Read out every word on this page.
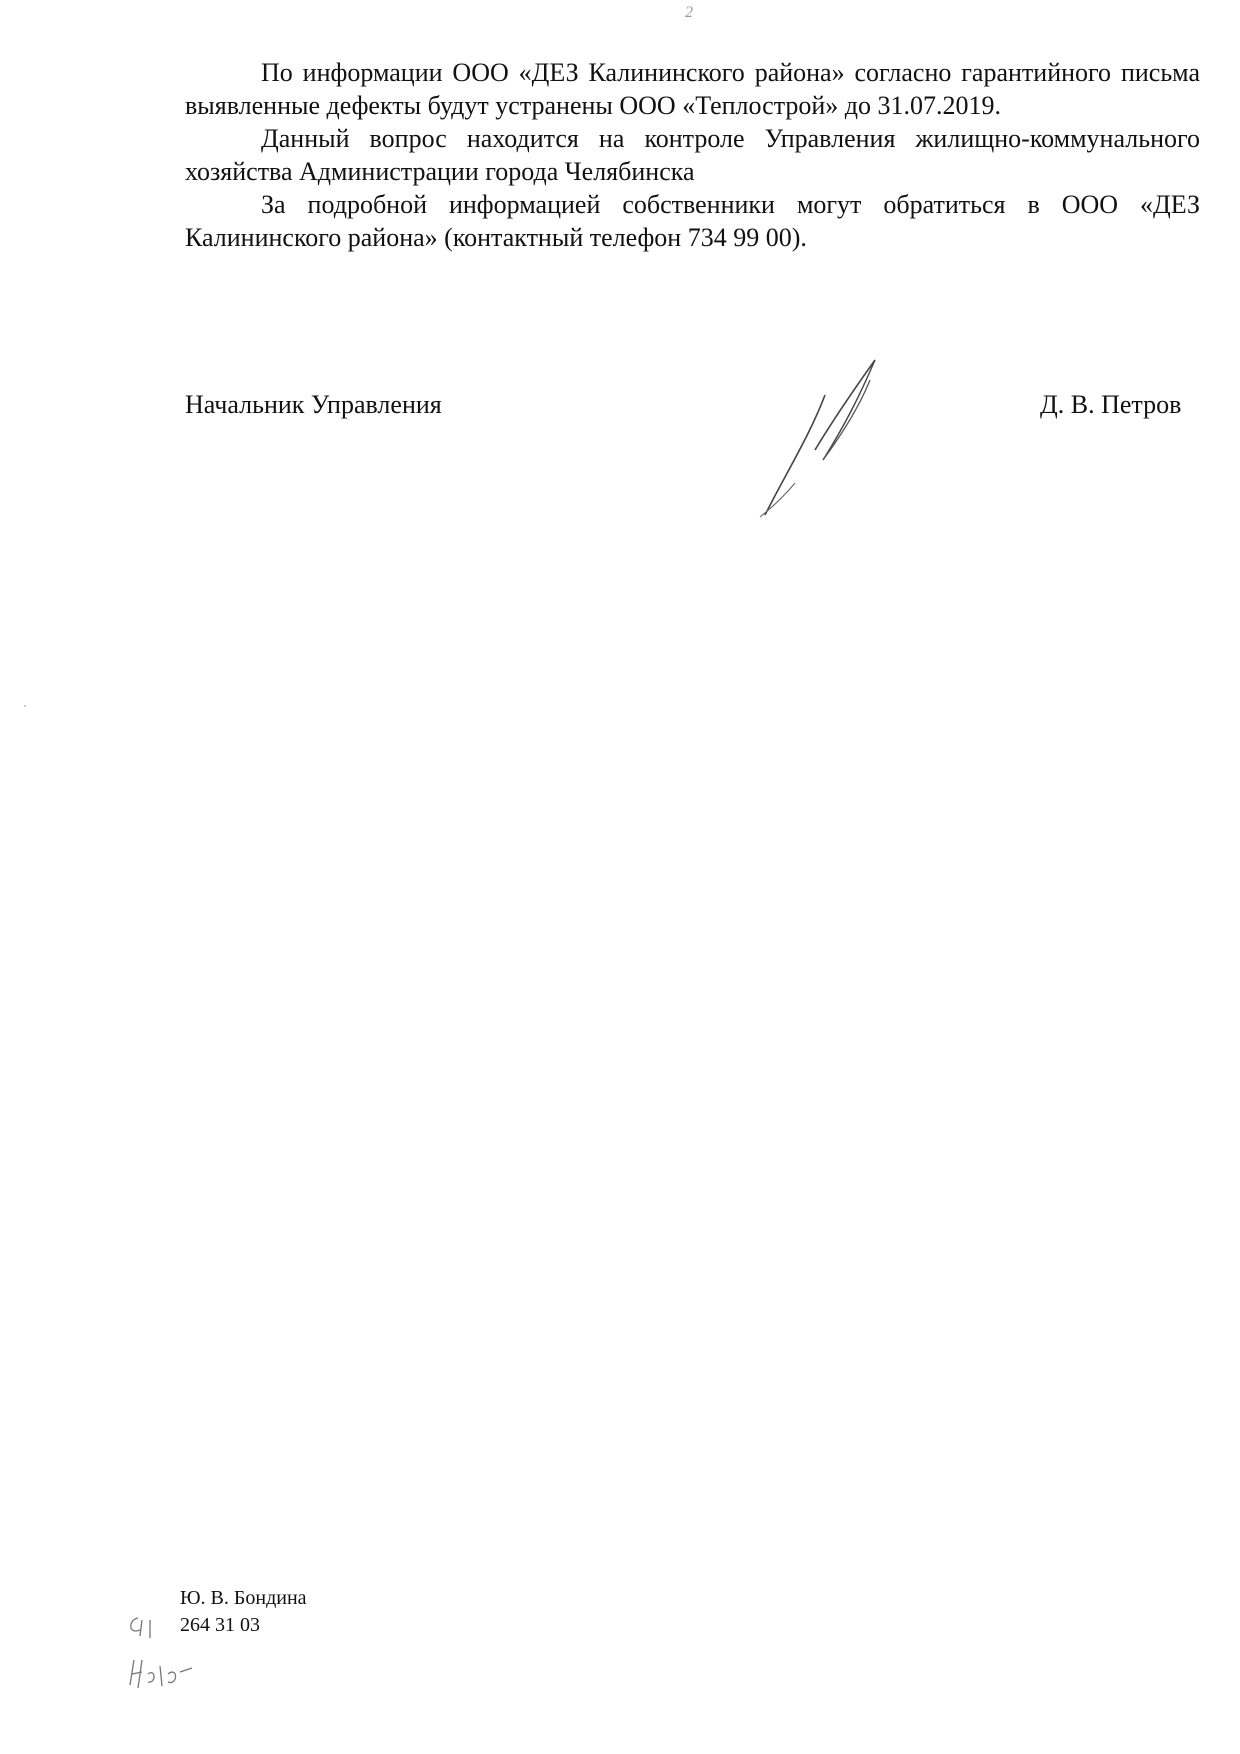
2

По информации ООО «ДЕЗ Калининского района» согласно гарантийного письма выявленные дефекты будут устранены ООО «Теплострой» до 31.07.2019.

Данный вопрос находится на контроле Управления жилищно-коммунального хозяйства Администрации города Челябинска

За подробной информацией собственники могут обратиться в ООО «ДЕЗ Калининского района» (контактный телефон 734 99 00).

Начальник Управления	Д. В. Петров
Ю. В. Бондина
264 31 03
